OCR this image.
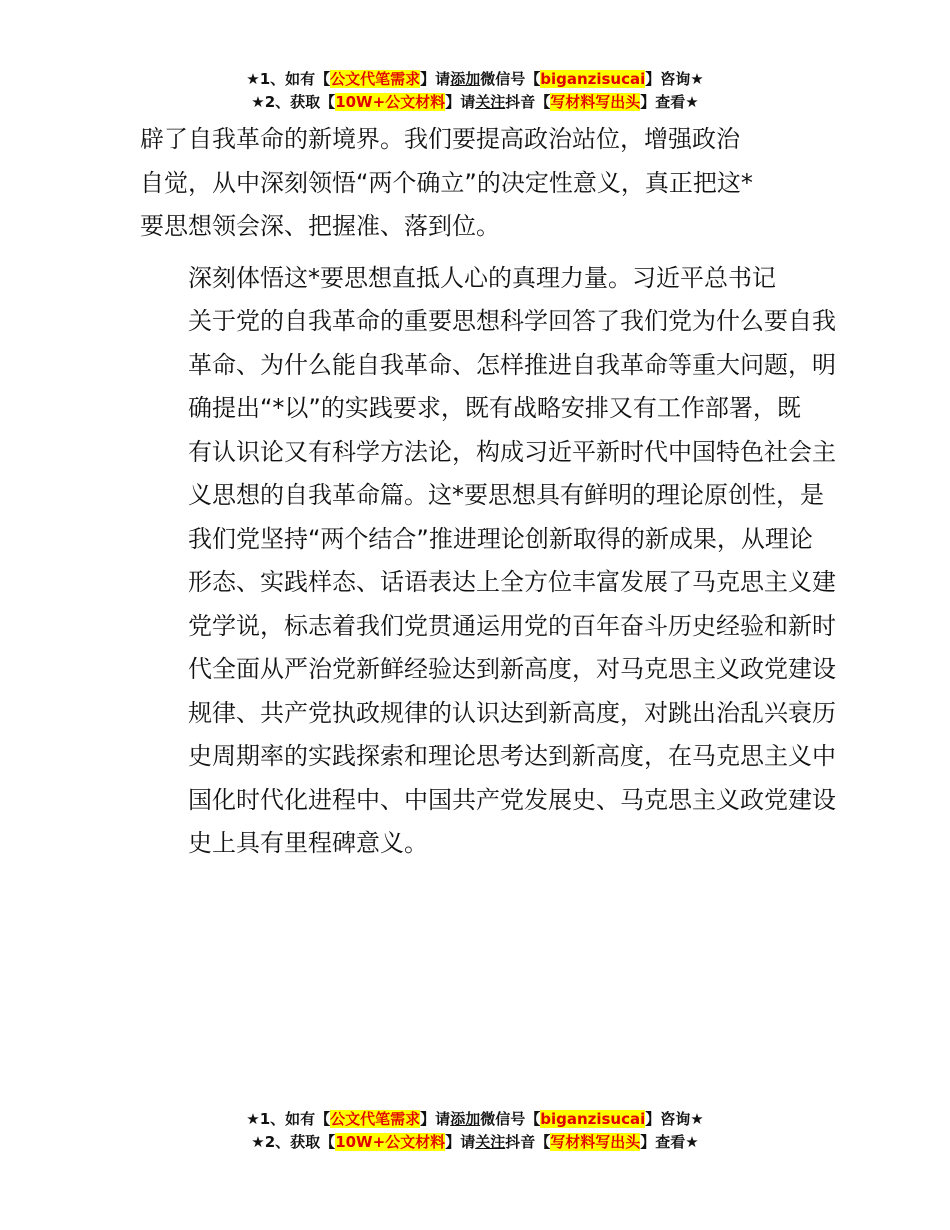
★1、如有【公文代笔需求】请添加微信号【biganzisucai】咨询★
★2、获取【10W+公文材料】请关注抖音【写材料写出头】查看★

辟了自我革命的新境界。我们要提高政治站位，增强政治
自觉，从中深刻领悟“两个确立”的决定性意义，真正把这*
要思想领会深、把握准、落到位。

深刻体悟这*要思想直抵人心的真理力量。习近平总书记
关于党的自我革命的重要思想科学回答了我们党为什么要自我
革命、为什么能自我革命、怎样推进自我革命等重大问题，明
确提出“*以”的实践要求，既有战略安排又有工作部署，既
有认识论又有科学方法论，构成习近平新时代中国特色社会主
义思想的自我革命篇。这*要思想具有鲜明的理论原创性，是
我们党坚持“两个结合”推进理论创新取得的新成果，从理论
形态、实践样态、话语表达上全方位丰富发展了马克思主义建
党学说，标志着我们党贯通运用党的百年奋斗历史经验和新时
代全面从严治党新鲜经验达到新高度，对马克思主义政党建设
规律、共产党执政规律的认识达到新高度，对跳出治乱兴衰历
史周期率的实践探索和理论思考达到新高度，在马克思主义中
国化时代化进程中、中国共产党发展史、马克思主义政党建设
史上具有里程碑意义。

★1、如有【公文代笔需求】请添加微信号【biganzisucai】咨询★
★2、获取【10W+公文材料】请关注抖音【写材料写出头】查看★
